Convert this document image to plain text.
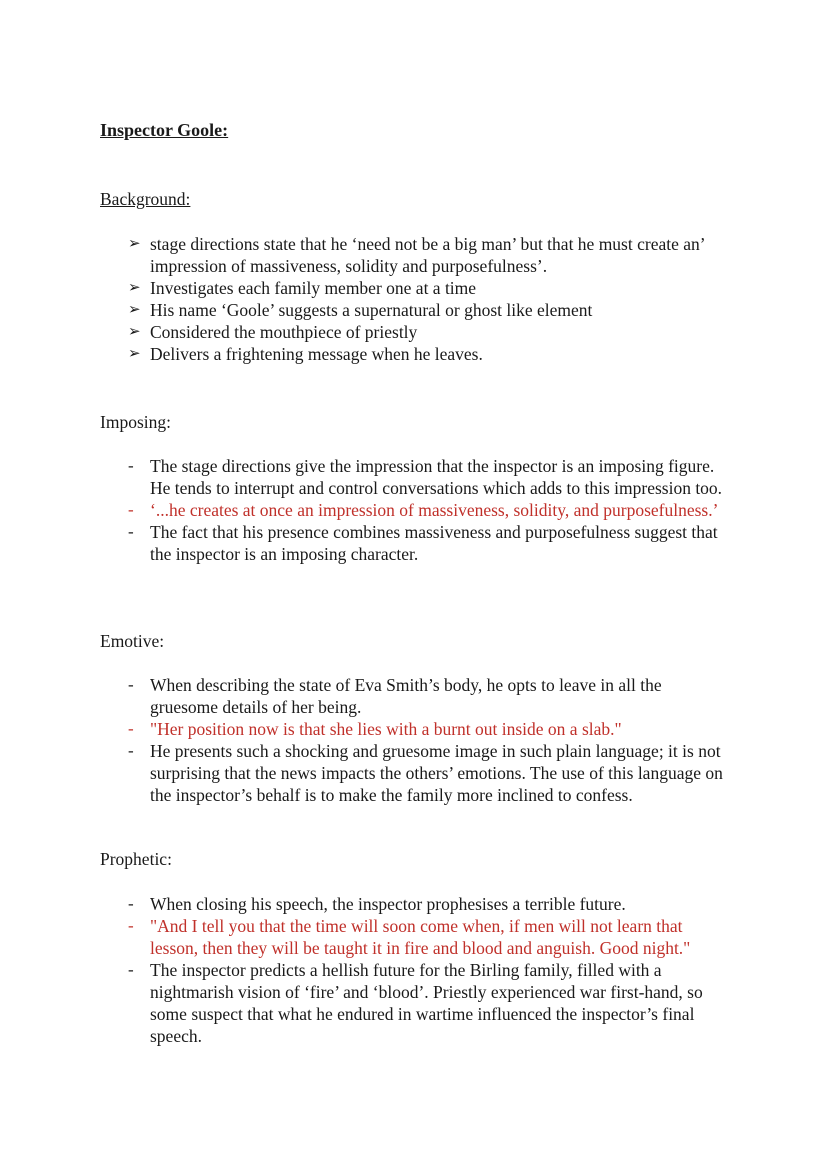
Inspector Goole:
Background:
➢ stage directions state that he ‘need not be a big man’ but that he must create an’ impression of massiveness, solidity and purposefulness’.
➢ Investigates each family member one at a time
➢ His name ‘Goole’ suggests a supernatural or ghost like element
➢ Considered the mouthpiece of priestly
➢ Delivers a frightening message when he leaves.
Imposing:
- The stage directions give the impression that the inspector is an imposing figure. He tends to interrupt and control conversations which adds to this impression too.
- ‘...he creates at once an impression of massiveness, solidity, and purposefulness.’
- The fact that his presence combines massiveness and purposefulness suggest that the inspector is an imposing character.
Emotive:
- When describing the state of Eva Smith’s body, he opts to leave in all the gruesome details of her being.
- "Her position now is that she lies with a burnt out inside on a slab."
- He presents such a shocking and gruesome image in such plain language; it is not surprising that the news impacts the others’ emotions. The use of this language on the inspector’s behalf is to make the family more inclined to confess.
Prophetic:
- When closing his speech, the inspector prophesises a terrible future.
- "And I tell you that the time will soon come when, if men will not learn that lesson, then they will be taught it in fire and blood and anguish. Good night."
- The inspector predicts a hellish future for the Birling family, filled with a nightmarish vision of ‘fire’ and ‘blood’. Priestly experienced war first-hand, so some suspect that what he endured in wartime influenced the inspector’s final speech.
